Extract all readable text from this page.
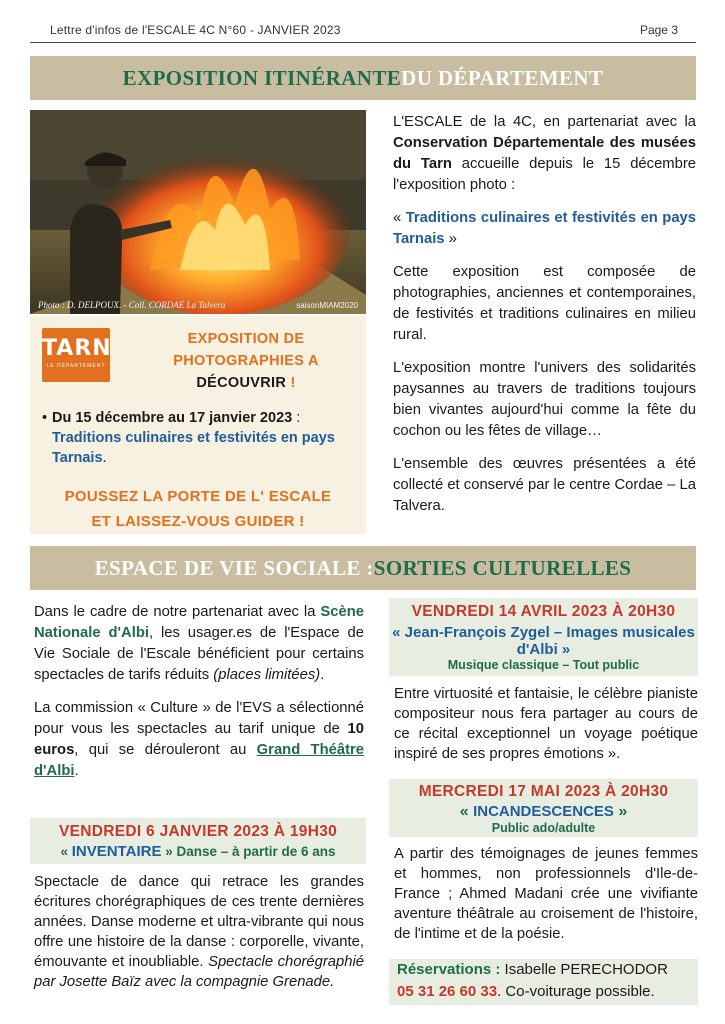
Lettre d'infos de l'ESCALE 4C N°60 - JANVIER 2023	Page 3
EXPOSITION ITINÉRANTE DU DÉPARTEMENT
Photo : D. DELPOUX. - Coll. CORDAE La Talvera	saisonMIAM2020
TARN
LE DÉPARTEMENT
EXPOSITION DE
PHOTOGRAPHIES A
DÉCOUVRIR !
• Du 15 décembre au 17 janvier 2023 : Traditions culinaires et festivités en pays Tarnais.
POUSSEZ LA PORTE DE L' ESCALE
ET LAISSEZ-VOUS GUIDER !

L'ESCALE de la 4C, en partenariat avec la Conservation Départementale des musées du Tarn accueille depuis le 15 décembre l'exposition photo :

« Traditions culinaires et festivités en pays Tarnais »

Cette exposition est composée de photographies, anciennes et contemporaines, de festivités et traditions culinaires en milieu rural.

L'exposition montre l'univers des solidarités paysannes au travers de traditions toujours bien vivantes aujourd'hui comme la fête du cochon ou les fêtes de village…

L'ensemble des œuvres présentées a été collecté et conservé par le centre Cordae – La Talvera.

ESPACE DE VIE SOCIALE : SORTIES CULTURELLES

Dans le cadre de notre partenariat avec la Scène Nationale d'Albi, les usager.es de l'Espace de Vie Sociale de l'Escale bénéficient pour certains spectacles de tarifs réduits (places limitées).

La commission « Culture » de l'EVS a sélectionné pour vous les spectacles au tarif unique de 10 euros, qui se dérouleront au Grand Théâtre d'Albi.

VENDREDI 6 JANVIER 2023 À 19H30
« INVENTAIRE » Danse – à partir de 6 ans
Spectacle de dance qui retrace les grandes écritures chorégraphiques de ces trente dernières années. Danse moderne et ultra-vibrante qui nous offre une histoire de la danse : corporelle, vivante, émouvante et inoubliable. Spectacle chorégraphié par Josette Baïz avec la compagnie Grenade.
VENDREDI 14 AVRIL 2023 À 20H30
« Jean-François Zygel – Images musicales d'Albi »
Musique classique – Tout public
Entre virtuosité et fantaisie, le célèbre pianiste compositeur nous fera partager au cours de ce récital exceptionnel un voyage poétique inspiré de ses propres émotions ».
MERCREDI 17 MAI 2023 À 20H30
« INCANDESCENCES »
Public ado/adulte
A partir des témoignages de jeunes femmes et hommes, non professionnels d'Ile-de-France ; Ahmed Madani crée une vivifiante aventure théâtrale au croisement de l'histoire, de l'intime et de la poésie.
Réservations : Isabelle PERECHODOR
05 31 26 60 33. Co-voiturage possible.
